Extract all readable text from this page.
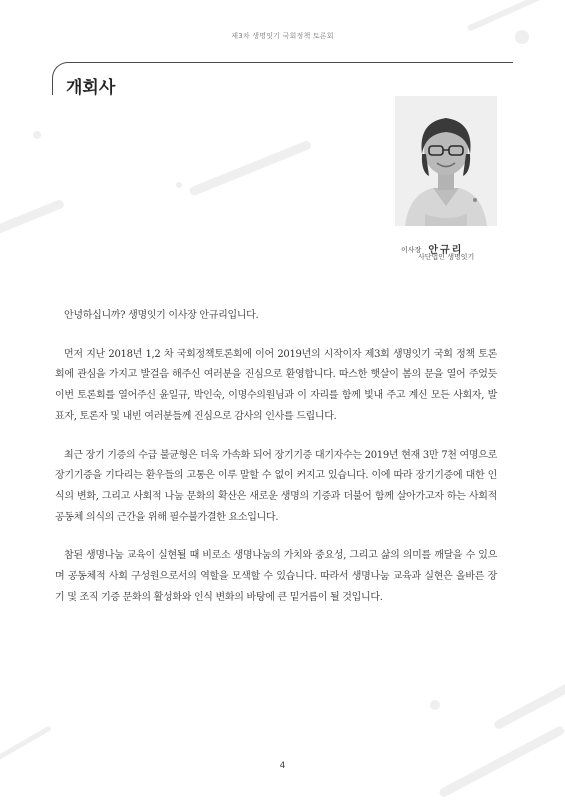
제3차 생명잇기 국회정책 토론회
개회사
이사장 안규리
사단법인 생명잇기

안녕하십니까? 생명잇기 이사장 안규리입니다.

먼저 지난 2018년 1,2 차 국회정책토론회에 이어 2019년의 시작이자 제3회 생명잇기 국회 정책 토론회에 관심을 가지고 발걸음 해주신 여러분을 진심으로 환영합니다. 따스한 햇살이 봄의 문을 열어 주었듯 이번 토론회를 열어주신 윤일규, 박인숙, 이명수의원님과 이 자리를 함께 빛내 주고 계신 모든 사회자, 발표자, 토론자 및 내빈 여러분들께 진심으로 감사의 인사를 드립니다.

최근 장기 기증의 수급 불균형은 더욱 가속화 되어 장기기증 대기자수는 2019년 현재 3만 7천 여명으로 장기기증을 기다리는 환우들의 고통은 이루 말할 수 없이 커지고 있습니다. 이에 따라 장기기증에 대한 인식의 변화, 그리고 사회적 나눔 문화의 확산은 새로운 생명의 기증과 더불어 함께 살아가고자 하는 사회적 공동체 의식의 근간을 위해 필수불가결한 요소입니다.

참된 생명나눔 교육이 실현될 때 비로소 생명나눔의 가치와 중요성, 그리고 삶의 의미를 깨달을 수 있으며 공동체적 사회 구성원으로서의 역할을 모색할 수 있습니다. 따라서 생명나눔 교육과 실현은 올바른 장기 및 조직 기증 문화의 활성화와 인식 변화의 바탕에 큰 밑거름이 될 것입니다.

4
